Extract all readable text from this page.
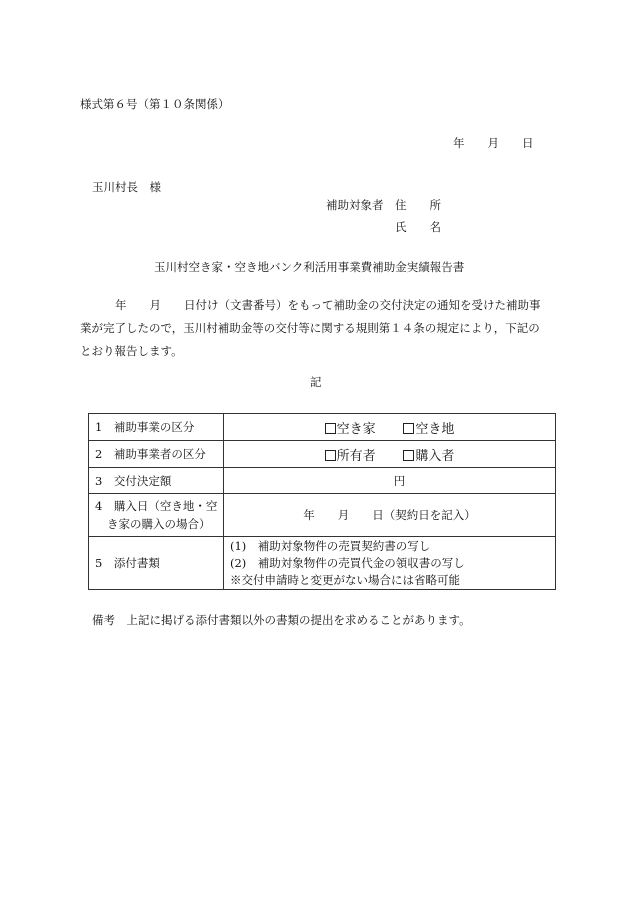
様式第６号（第１０条関係）
年　　月　　日
玉川村長　様
補助対象者 住　　所
氏　　名
玉川村空き家・空き地バンク利活用事業費補助金実績報告書
年　　月　　日付け（文書番号）をもって補助金の交付決定の通知を受けた補助事
業が完了したので，玉川村補助金等の交付等に関する規則第１４条の規定により，下記の
とおり報告します。
記
1　補助事業の区分	空き家 空き地
2　補助事業者の区分	所有者 購入者
3　交付決定額	円

4　購入日（空き地・空
き家の購入の場合）	年　　月　　日（契約日を記入）
5　添付書類	(1)　補助対象物件の売買契約書の写し
(2)　補助対象物件の売買代金の領収書の写し
※交付申請時と変更がない場合には省略可能
備考　上記に掲げる添付書類以外の書類の提出を求めることがあります。
